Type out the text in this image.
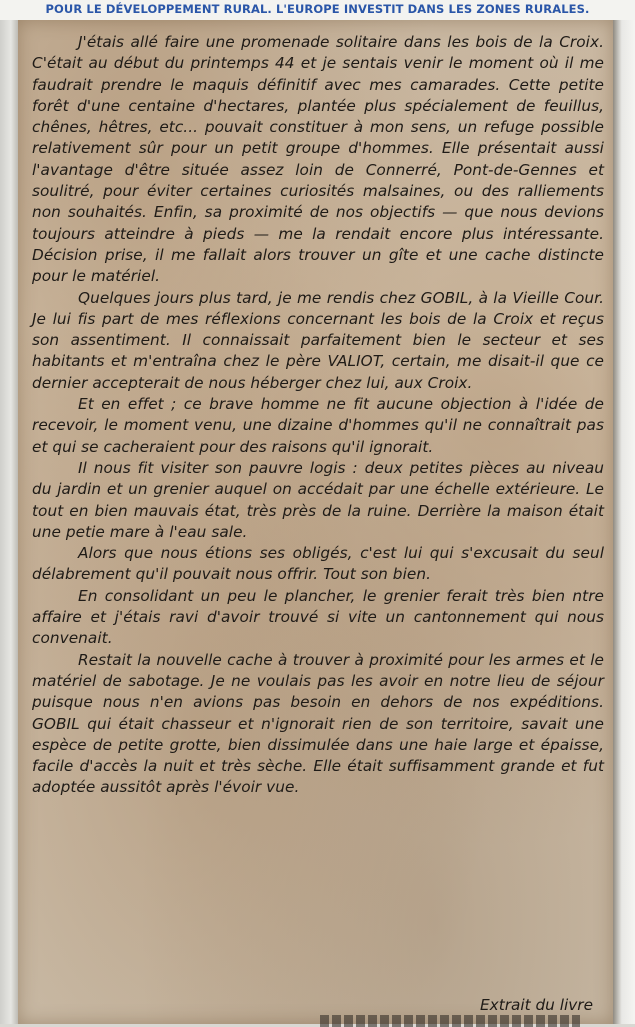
POUR LE DÉVELOPPEMENT RURAL. L'EUROPE INVESTIT DANS LES ZONES RURALES.

J'étais allé faire une promenade solitaire dans les bois de la Croix. C'était au début du printemps 44 et je sentais venir le moment où il me faudrait prendre le maquis définitif avec mes camarades. Cette petite forêt d'une centaine d'hectares, plantée plus spécialement de feuillus, chênes, hêtres, etc... pouvait constituer à mon sens, un refuge possible relativement sûr pour un petit groupe d'hommes. Elle présentait aussi l'avantage d'être située assez loin de Connerré, Pont-de-Gennes et soulitré, pour éviter certaines curiosités malsaines, ou des ralliements non souhaités. Enfin, sa proximité de nos objectifs — que nous devions toujours atteindre à pieds — me la rendait encore plus intéressante. Décision prise, il me fallait alors trouver un gîte et une cache distincte pour le matériel.

Quelques jours plus tard, je me rendis chez GOBIL, à la Vieille Cour. Je lui fis part de mes réflexions concernant les bois de la Croix et reçus son assentiment. Il connaissait parfaitement bien le secteur et ses habitants et m'entraîna chez le père VALIOT, certain, me disait-il que ce dernier accepterait de nous héberger chez lui, aux Croix.

Et en effet ; ce brave homme ne fit aucune objection à l'idée de recevoir, le moment venu, une dizaine d'hommes qu'il ne connaîtrait pas et qui se cacheraient pour des raisons qu'il ignorait.

Il nous fit visiter son pauvre logis : deux petites pièces au niveau du jardin et un grenier auquel on accédait par une échelle extérieure. Le tout en bien mauvais état, très près de la ruine. Derrière la maison était une petie mare à l'eau sale.

Alors que nous étions ses obligés, c'est lui qui s'excusait du seul délabrement qu'il pouvait nous offrir. Tout son bien.

En consolidant un peu le plancher, le grenier ferait très bien ntre affaire et j'étais ravi d'avoir trouvé si vite un cantonnement qui nous convenait.

Restait la nouvelle cache à trouver à proximité pour les armes et le matériel de sabotage. Je ne voulais pas les avoir en notre lieu de séjour puisque nous n'en avions pas besoin en dehors de nos expéditions. GOBIL qui était chasseur et n'ignorait rien de son territoire, savait une espèce de petite grotte, bien dissimulée dans une haie large et épaisse, facile d'accès la nuit et très sèche. Elle était suffisamment grande et fut adoptée aussitôt après l'évoir vue.

Extrait du livre
